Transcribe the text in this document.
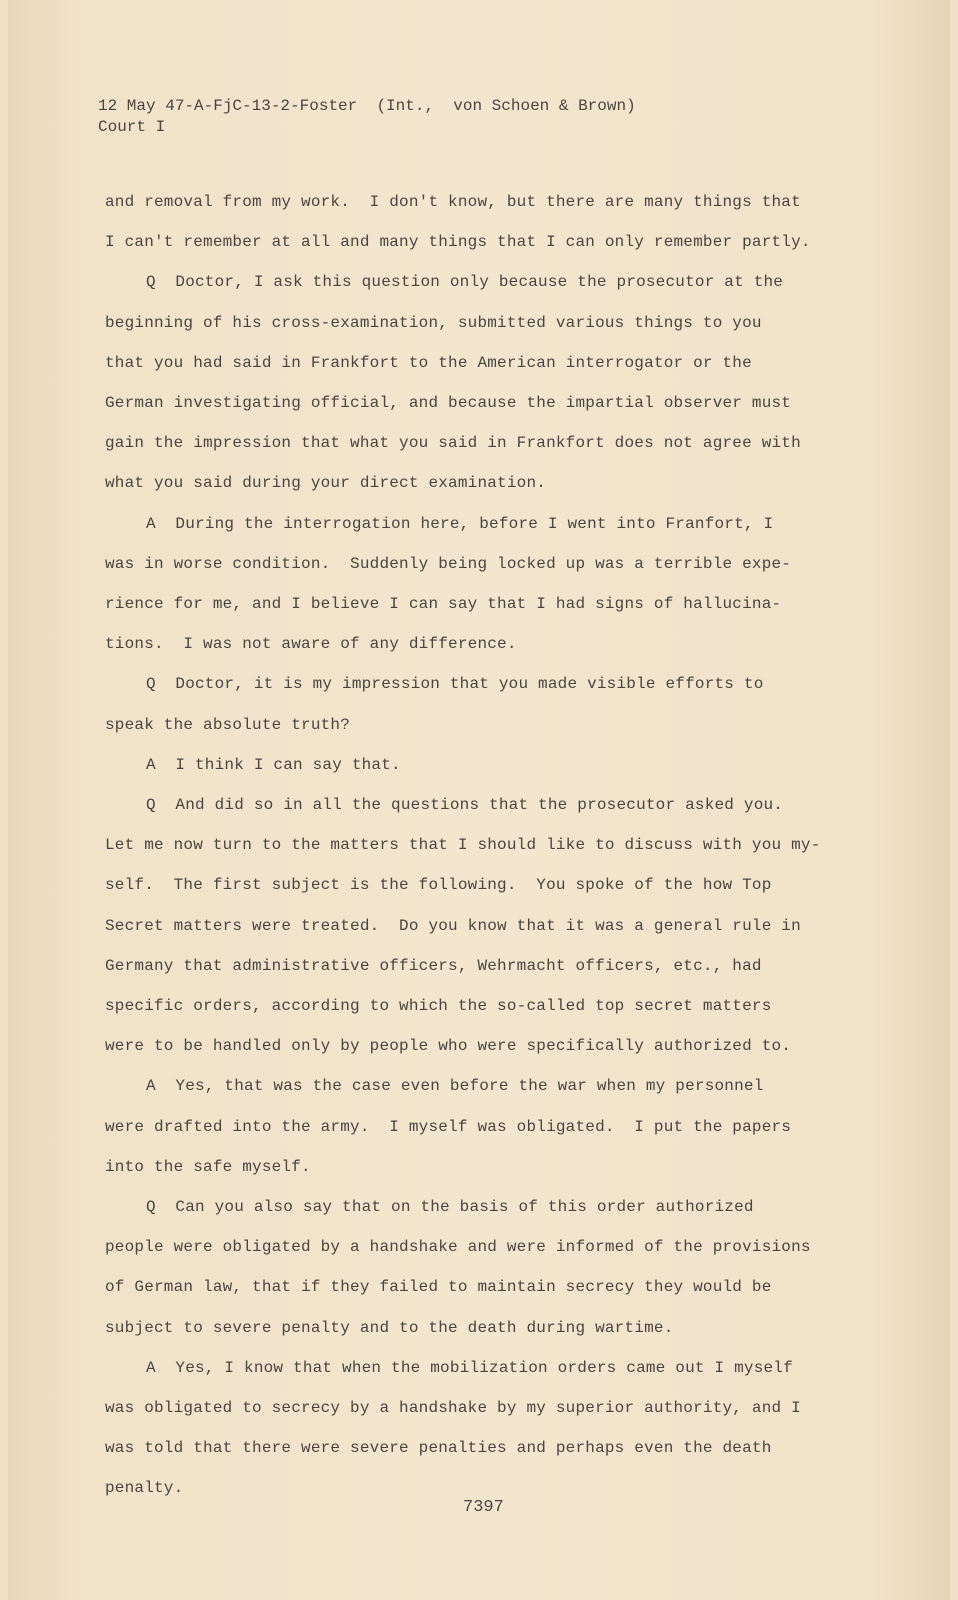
12 May 47-A-FjC-13-2-Foster  (Int.,  von Schoen & Brown)
Court I
and removal from my work.  I don't know, but there are many things that
I can't remember at all and many things that I can only remember partly.
Q  Doctor, I ask this question only because the prosecutor at the
beginning of his cross-examination, submitted various things to you
that you had said in Frankfort to the American interrogator or the
German investigating official, and because the impartial observer must
gain the impression that what you said in Frankfort does not agree with
what you said during your direct examination.
A  During the interrogation here, before I went into Franfort, I
was in worse condition.  Suddenly being locked up was a terrible expe-
rience for me, and I believe I can say that I had signs of hallucina-
tions.  I was not aware of any difference.
Q  Doctor, it is my impression that you made visible efforts to
speak the absolute truth?
A  I think I can say that.
Q  And did so in all the questions that the prosecutor asked you.
Let me now turn to the matters that I should like to discuss with you my-
self.  The first subject is the following.  You spoke of the how Top
Secret matters were treated.  Do you know that it was a general rule in
Germany that administrative officers, Wehrmacht officers, etc., had
specific orders, according to which the so-called top secret matters
were to be handled only by people who were specifically authorized to.
A  Yes, that was the case even before the war when my personnel
were drafted into the army.  I myself was obligated.  I put the papers
into the safe myself.
Q  Can you also say that on the basis of this order authorized
people were obligated by a handshake and were informed of the provisions
of German law, that if they failed to maintain secrecy they would be
subject to severe penalty and to the death during wartime.
A  Yes, I know that when the mobilization orders came out I myself
was obligated to secrecy by a handshake by my superior authority, and I
was told that there were severe penalties and perhaps even the death
penalty.
7397
